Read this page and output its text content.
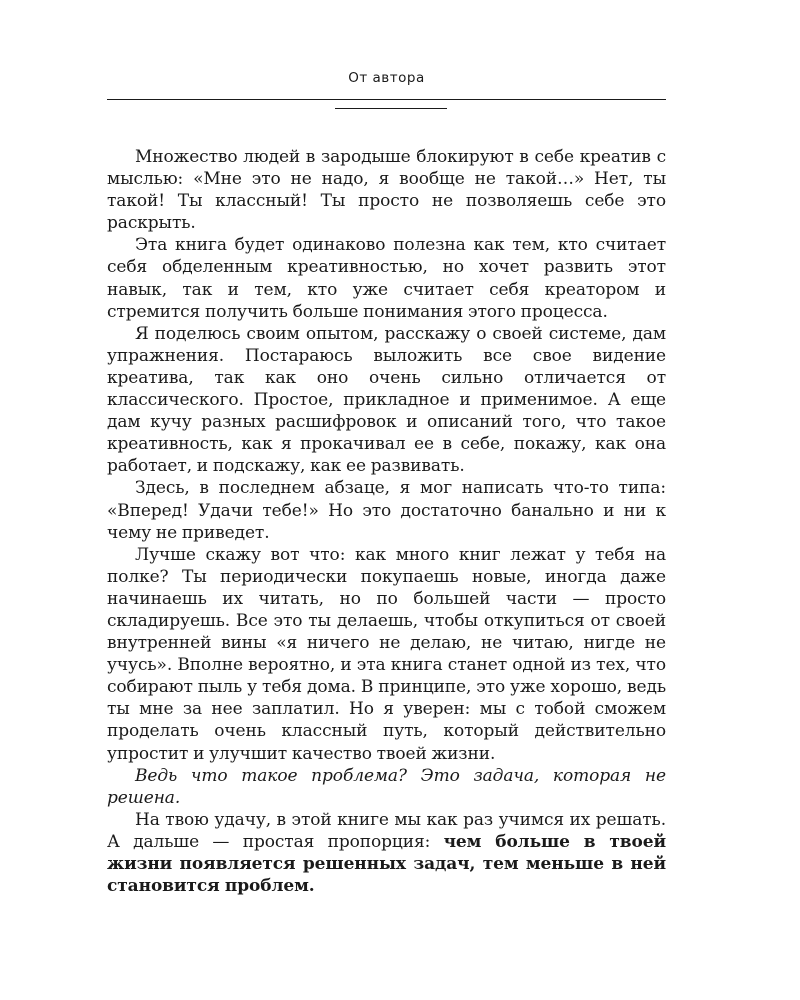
От автора

Множество людей в зародыше блокируют в себе креатив с мыслью: «Мне это не надо, я вообще не такой…» Нет, ты такой! Ты классный! Ты просто не позволяешь себе это раскрыть.

Эта книга будет одинаково полезна как тем, кто считает себя обделенным креативностью, но хочет развить этот навык, так и тем, кто уже считает себя креатором и стремится получить больше понимания этого процесса.

Я поделюсь своим опытом, расскажу о своей системе, дам упражнения. Постараюсь выложить все свое видение креатива, так как оно очень сильно отличается от классического. Простое, прикладное и применимое. А еще дам кучу разных расшифровок и описаний того, что такое креативность, как я прокачивал ее в себе, покажу, как она работает, и подскажу, как ее развивать.

Здесь, в последнем абзаце, я мог написать что-то типа: «Вперед! Удачи тебе!» Но это достаточно банально и ни к чему не приведет.

Лучше скажу вот что: как много книг лежат у тебя на полке? Ты периодически покупаешь новые, иногда даже начинаешь их читать, но по большей части — просто складируешь. Все это ты делаешь, чтобы откупиться от своей внутренней вины «я ничего не делаю, не читаю, нигде не учусь». Вполне вероятно, и эта книга станет одной из тех, что собирают пыль у тебя дома. В принципе, это уже хорошо, ведь ты мне за нее заплатил. Но я уверен: мы с тобой сможем проделать очень классный путь, который действительно упростит и улучшит качество твоей жизни.

Ведь что такое проблема? Это задача, которая не решена.

На твою удачу, в этой книге мы как раз учимся их решать. А дальше — простая пропорция: чем больше в твоей жизни появляется решенных задач, тем меньше в ней становится проблем.
